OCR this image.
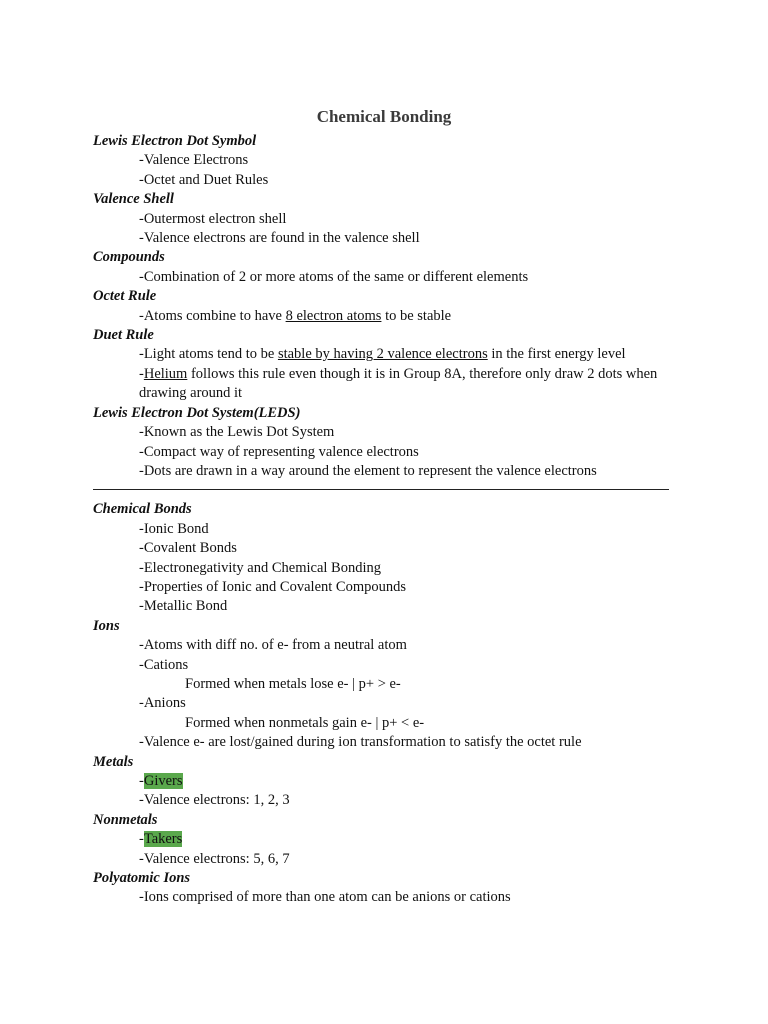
Chemical Bonding
Lewis Electron Dot Symbol
-Valence Electrons
-Octet and Duet Rules
Valence Shell
-Outermost electron shell
-Valence electrons are found in the valence shell
Compounds
-Combination of 2 or more atoms of the same or different elements
Octet Rule
-Atoms combine to have 8 electron atoms to be stable
Duet Rule
-Light atoms tend to be stable by having 2 valence electrons in the first energy level
-Helium follows this rule even though it is in Group 8A, therefore only draw 2 dots when drawing around it
Lewis Electron Dot System(LEDS)
-Known as the Lewis Dot System
-Compact way of representing valence electrons
-Dots are drawn in a way around the element to represent the valence electrons
Chemical Bonds
-Ionic Bond
-Covalent Bonds
-Electronegativity and Chemical Bonding
-Properties of Ionic and Covalent Compounds
-Metallic Bond
Ions
-Atoms with diff no. of e- from a neutral atom
-Cations
Formed when metals lose e- | p+ > e-
-Anions
Formed when nonmetals gain e- | p+ < e-
-Valence e- are lost/gained during ion transformation to satisfy the octet rule
Metals
-Givers
-Valence electrons: 1, 2, 3
Nonmetals
-Takers
-Valence electrons: 5, 6, 7
Polyatomic Ions
-Ions comprised of more than one atom can be anions or cations
